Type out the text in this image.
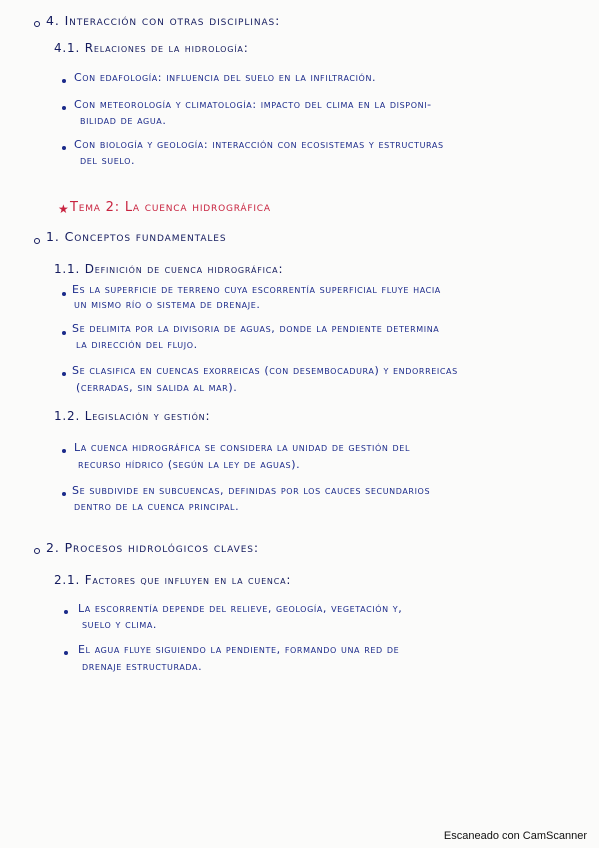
4. Interacción con otras disciplinas:
4.1. Relaciones de la hidrología:
Con edafología: influencia del suelo en la infiltración.
Con meteorología y climatología: impacto del clima en la disponi-
bilidad de agua.
Con biología y geología: interacción con ecosistemas y estructuras
del suelo.
★ Tema 2: La cuenca hidrográfica
1. Conceptos fundamentales
1.1. Definición de cuenca hidrográfica:
Es la superficie de terreno cuya escorrentía superficial fluye hacia
un mismo río o sistema de drenaje.
Se delimita por la divisoria de aguas, donde la pendiente determina
la dirección del flujo.
Se clasifica en cuencas exorreicas (con desembocadura) y endorreicas
(cerradas, sin salida al mar).
1.2. Legislación y gestión:
La cuenca hidrográfica se considera la unidad de gestión del
recurso hídrico (según la ley de aguas).
Se subdivide en subcuencas, definidas por los cauces secundarios
dentro de la cuenca principal.
2. Procesos hidrológicos claves:
2.1. Factores que influyen en la cuenca:
La escorrentía depende del relieve, geología, vegetación y,
suelo y clima.
El agua fluye siguiendo la pendiente, formando una red de
drenaje estructurada.
Escaneado con CamScanner
